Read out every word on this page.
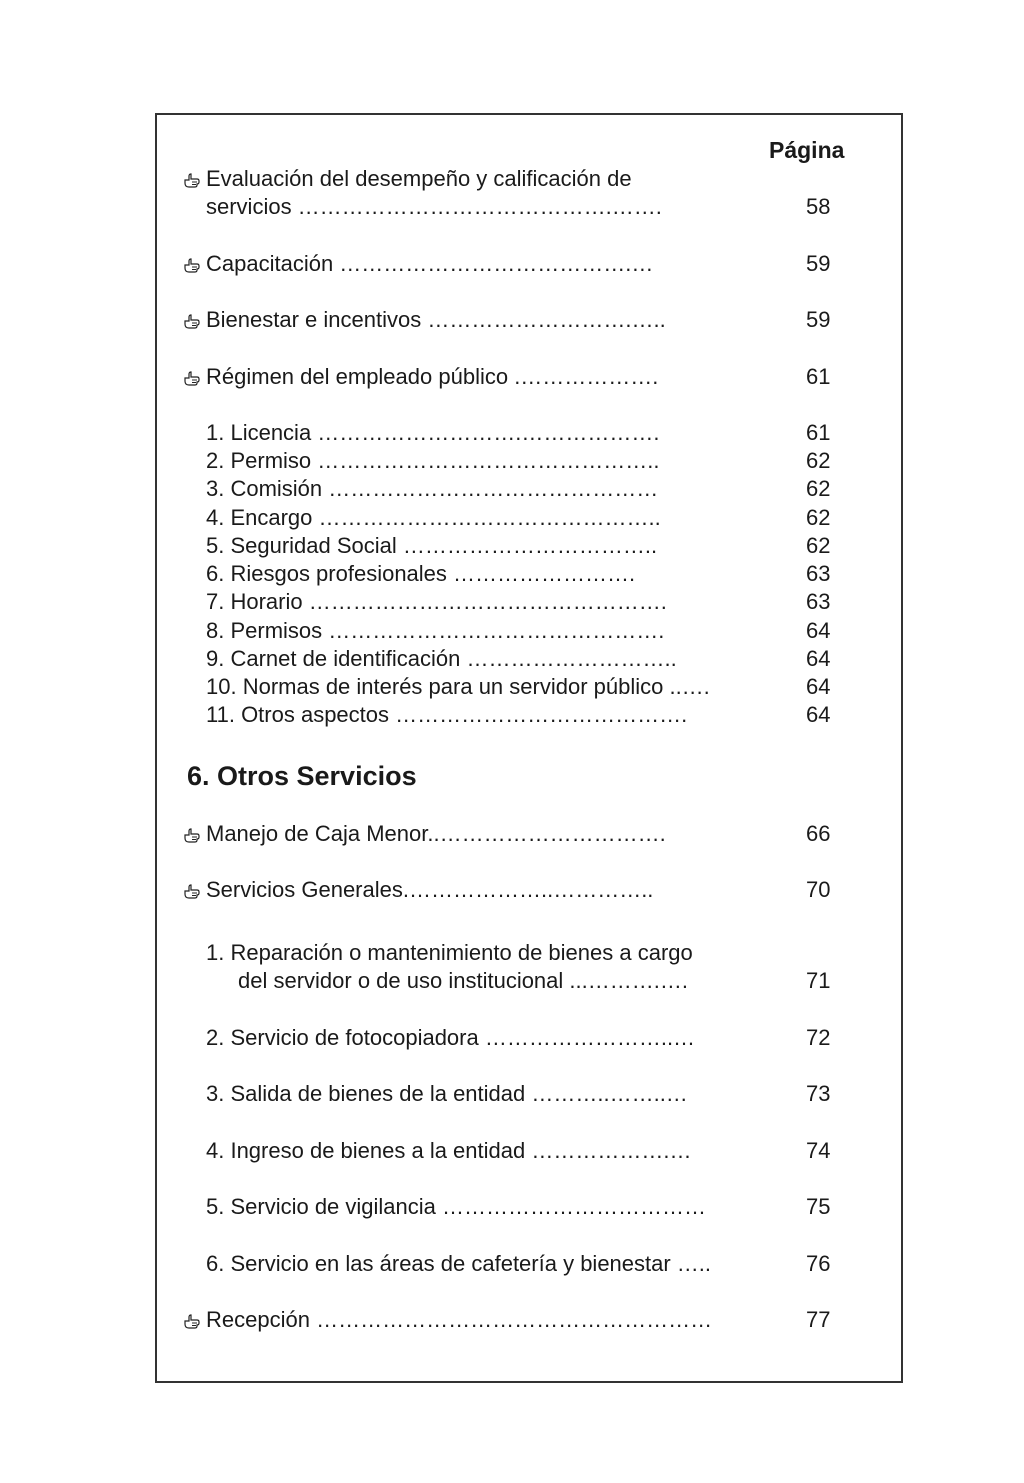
Página
Evaluación del desempeño y calificación de
servicios …………………………………….…….	58
Capacitación ………………………………….…	59
Bienestar e incentivos ……………………….…..	59
Régimen del empleado público .……………….	61
1. Licencia ……………………….……………….	61
2. Permiso ………………………………………..	62
3. Comisión ………………………………………	62
4. Encargo ………………………………………..	62
5. Seguridad Social ……………………………..	62
6. Riesgos profesionales …………………….	63
7. Horario ………………………………………….	63
8. Permisos ……………………………………….	64
9. Carnet de identificación ………………………..	64
10. Normas de interés para un servidor público ..….	64
11. Otros aspectos ………………………………….	64
6. Otros Servicios
Manejo de Caja Menor..………………………….	66
Servicios Generales.………………..…………..	70
1. Reparación o mantenimiento de bienes a cargo
del servidor o de uso institucional ...……….….	71
2. Servicio de fotocopiadora ……………………..…	72
3. Salida de bienes de la entidad ………..……..…	73
4. Ingreso de bienes a la entidad ……………….…	74
5. Servicio de vigilancia ………………………………	75
6. Servicio en las áreas de cafetería y bienestar …..	76
Recepción ………………………………………………	77
